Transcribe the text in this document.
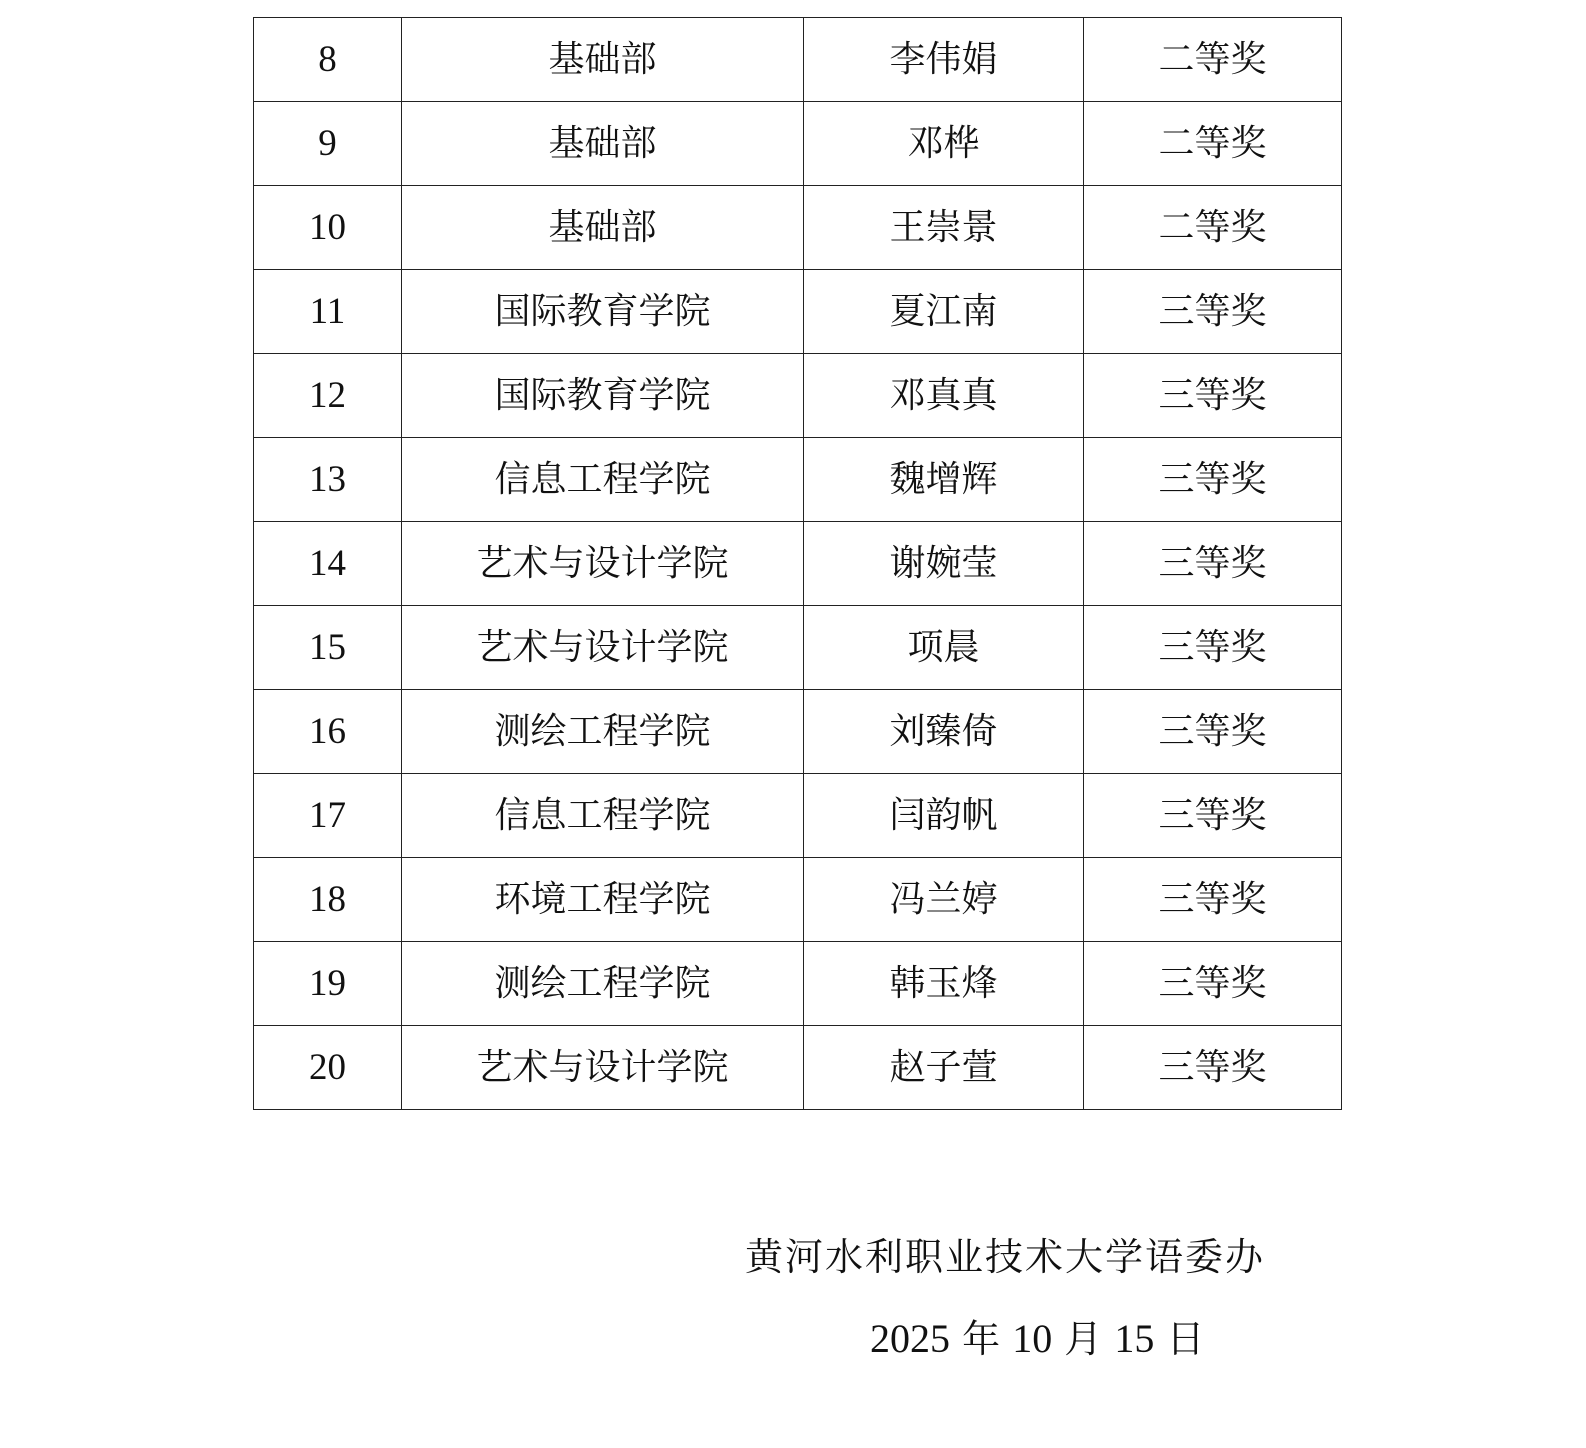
8	基础部	李伟娟	二等奖
9	基础部	邓桦	二等奖
10	基础部	王崇景	二等奖
11	国际教育学院	夏江南	三等奖
12	国际教育学院	邓真真	三等奖
13	信息工程学院	魏增辉	三等奖
14	艺术与设计学院	谢婉莹	三等奖
15	艺术与设计学院	项晨	三等奖
16	测绘工程学院	刘臻倚	三等奖
17	信息工程学院	闫韵帆	三等奖
18	环境工程学院	冯兰婷	三等奖
19	测绘工程学院	韩玉烽	三等奖
20	艺术与设计学院	赵子萱	三等奖
黄河水利职业技术大学语委办
2025 年 10 月 15 日
